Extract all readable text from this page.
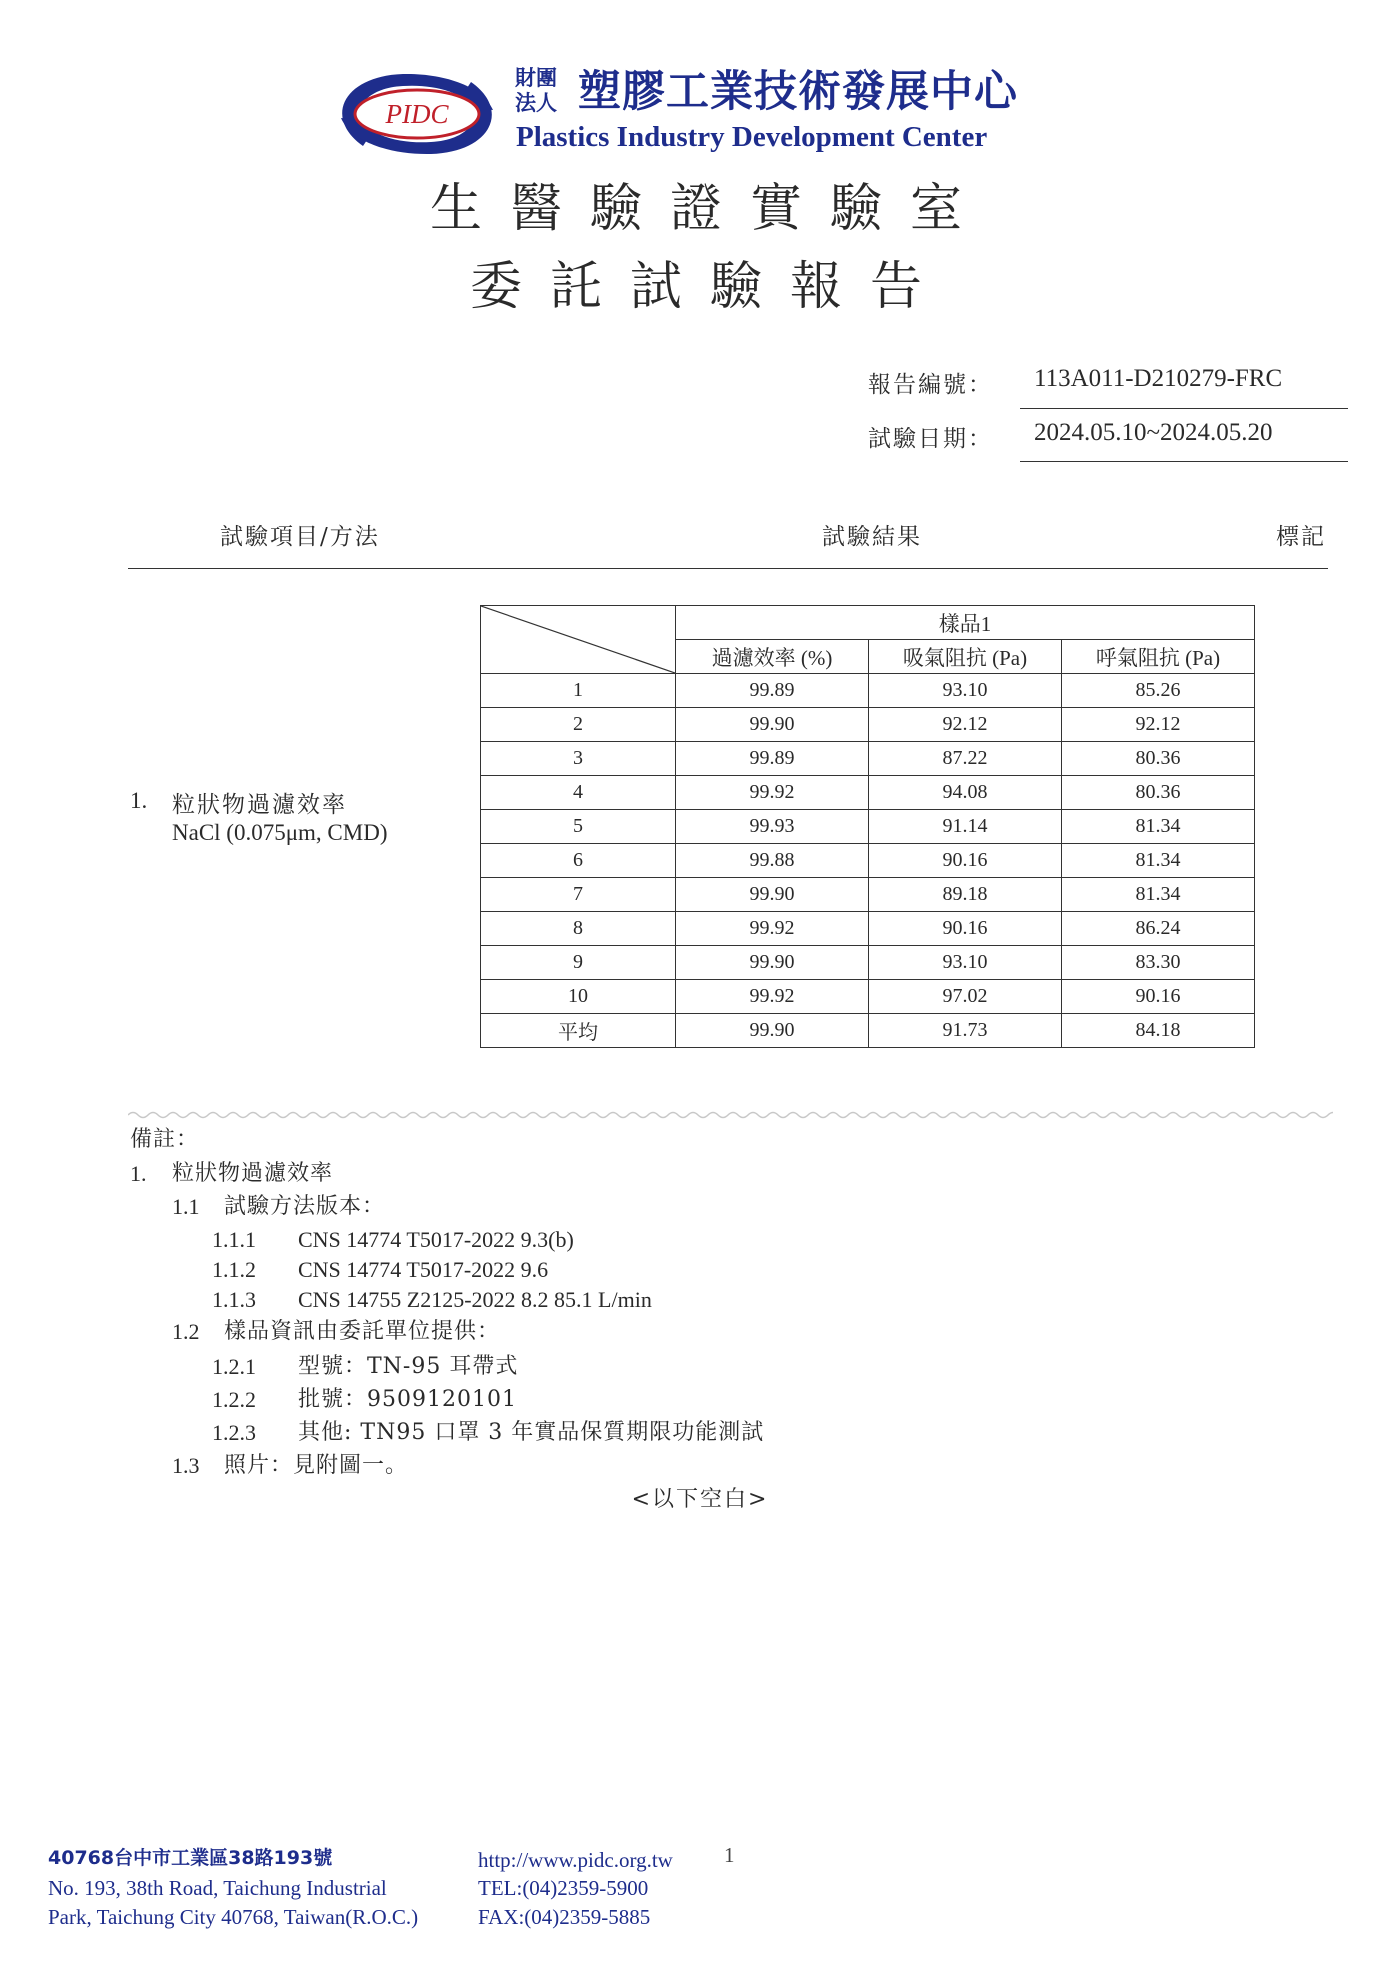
PIDC
財團法人 塑膠工業技術發展中心
Plastics Industry Development Center
生醫驗證實驗室
委託試驗報告
報告編號： 113A011-D210279-FRC
試驗日期： 2024.05.10~2024.05.20
試驗項目/方法	試驗結果	標記
1. 粒狀物過濾效率
NaCl (0.075μm, CMD)
	樣品1		
	過濾效率 (%)	吸氣阻抗 (Pa)	呼氣阻抗 (Pa)
1	99.89	93.10	85.26
2	99.90	92.12	92.12
3	99.89	87.22	80.36
4	99.92	94.08	80.36
5	99.93	91.14	81.34
6	99.88	90.16	81.34
7	99.90	89.18	81.34
8	99.92	90.16	86.24
9	99.90	93.10	83.30
10	99.92	97.02	90.16
平均	99.90	91.73	84.18
備註：
1. 粒狀物過濾效率
1.1 試驗方法版本：
1.1.1 CNS 14774 T5017-2022 9.3(b)
1.1.2 CNS 14774 T5017-2022 9.6
1.1.3 CNS 14755 Z2125-2022 8.2 85.1 L/min
1.2 樣品資訊由委託單位提供：
1.2.1 型號：TN-95 耳帶式
1.2.2 批號：9509120101
1.2.3 其他: TN95 口罩 3 年實品保質期限功能測試
1.3 照片：見附圖一。
<以下空白>
40768台中市工業區38路193號
No. 193, 38th Road, Taichung Industrial
Park, Taichung City 40768, Taiwan(R.O.C.)
http://www.pidc.org.tw
TEL:(04)2359-5900
FAX:(04)2359-5885
1
